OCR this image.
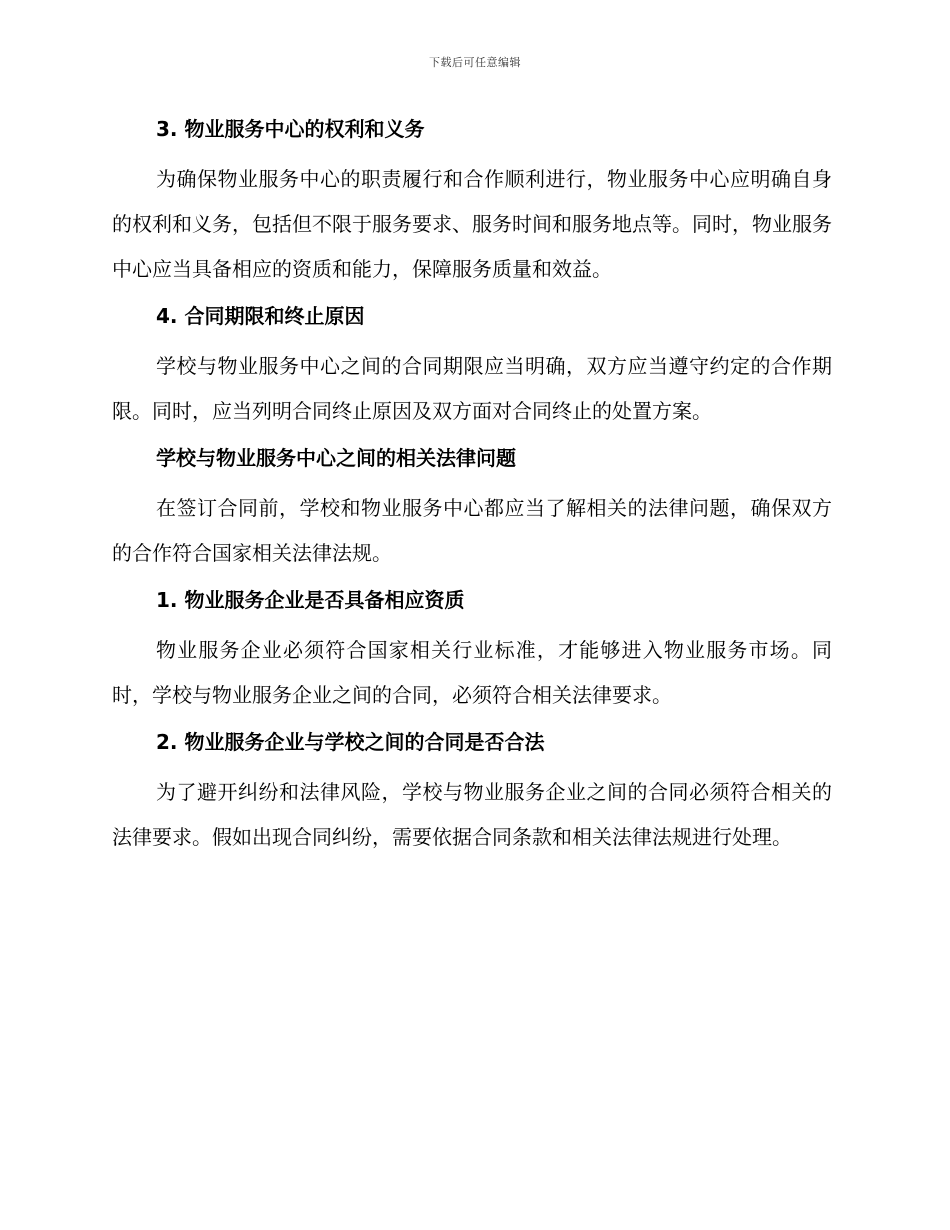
下载后可任意编辑
3. 物业服务中心的权利和义务

为确保物业服务中心的职责履行和合作顺利进行，物业服务中心应明确自身的权利和义务，包括但不限于服务要求、服务时间和服务地点等。同时，物业服务中心应当具备相应的资质和能力，保障服务质量和效益。

4. 合同期限和终止原因

学校与物业服务中心之间的合同期限应当明确，双方应当遵守约定的合作期限。同时，应当列明合同终止原因及双方面对合同终止的处置方案。

学校与物业服务中心之间的相关法律问题

在签订合同前，学校和物业服务中心都应当了解相关的法律问题，确保双方的合作符合国家相关法律法规。

1. 物业服务企业是否具备相应资质

物业服务企业必须符合国家相关行业标准，才能够进入物业服务市场。同时，学校与物业服务企业之间的合同，必须符合相关法律要求。

2. 物业服务企业与学校之间的合同是否合法

为了避开纠纷和法律风险，学校与物业服务企业之间的合同必须符合相关的法律要求。假如出现合同纠纷，需要依据合同条款和相关法律法规进行处理。
